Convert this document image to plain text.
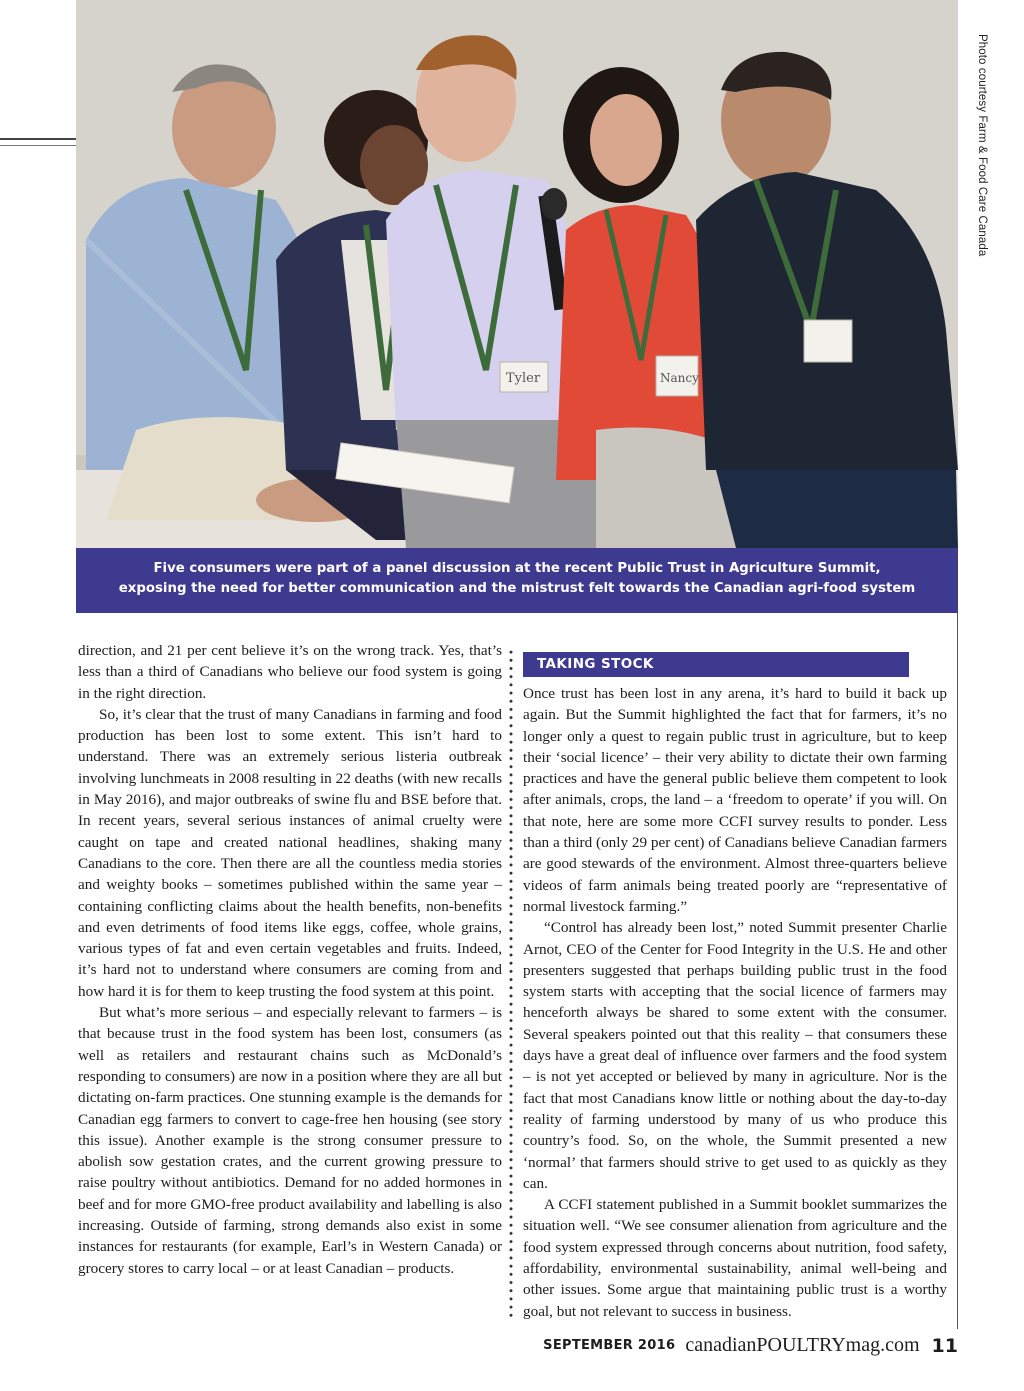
Tyler	Nancy
Photo courtesy Farm & Food Care Canada

Five consumers were part of a panel discussion at the recent Public Trust in Agriculture Summit,

exposing the need for better communication and the mistrust felt towards the Canadian agri-food system

direction, and 21 per cent believe it’s on the wrong track. Yes, that’s less than a third of Canadians who believe our food system is going in the right direction.

So, it’s clear that the trust of many Canadians in farming and food production has been lost to some extent. This isn’t hard to understand. There was an extremely serious listeria outbreak involving lunchmeats in 2008 resulting in 22 deaths (with new recalls in May 2016), and major outbreaks of swine flu and BSE before that. In recent years, several serious instances of animal cruelty were caught on tape and created national headlines, shaking many Canadians to the core. Then there are all the countless media stories and weighty books – sometimes published within the same year – containing conflicting claims about the health benefits, non-benefits and even detriments of food items like eggs, coffee, whole grains, various types of fat and even certain vegetables and fruits. Indeed, it’s hard not to understand where consumers are coming from and how hard it is for them to keep trusting the food system at this point.

But what’s more serious – and especially relevant to farmers – is that because trust in the food system has been lost, consumers (as well as retailers and restaurant chains such as McDonald’s responding to consumers) are now in a position where they are all but dictating on-farm practices. One stunning example is the demands for Canadian egg farmers to convert to cage-free hen housing (see story this issue). Another example is the strong consumer pressure to abolish sow gestation crates, and the current growing pressure to raise poultry without antibiotics. Demand for no added hormones in beef and for more GMO-free product availability and labelling is also increasing. Outside of farming, strong demands also exist in some instances for restaurants (for example, Earl’s in Western Canada) or grocery stores to carry local – or at least Canadian – products.

TAKING STOCK

Once trust has been lost in any arena, it’s hard to build it back up again. But the Summit highlighted the fact that for farmers, it’s no longer only a quest to regain public trust in agriculture, but to keep their ‘social licence’ – their very ability to dictate their own farming practices and have the general public believe them competent to look after animals, crops, the land – a ‘freedom to operate’ if you will. On that note, here are some more CCFI survey results to ponder. Less than a third (only 29 per cent) of Canadians believe Canadian farmers are good stewards of the environment. Almost three-quarters believe videos of farm animals being treated poorly are “representative of normal livestock farming.”

“Control has already been lost,” noted Summit presenter Charlie Arnot, CEO of the Center for Food Integrity in the U.S. He and other presenters suggested that perhaps building public trust in the food system starts with accepting that the social licence of farmers may henceforth always be shared to some extent with the consumer. Several speakers pointed out that this reality – that consumers these days have a great deal of influence over farmers and the food system – is not yet accepted or believed by many in agriculture. Nor is the fact that most Canadians know little or nothing about the day-to-day reality of farming understood by many of us who produce this country’s food. So, on the whole, the Summit presented a new ‘normal’ that farmers should strive to get used to as quickly as they can.

A CCFI statement published in a Summit booklet summarizes the situation well. “We see consumer alienation from agriculture and the food system expressed through concerns about nutrition, food safety, affordability, environmental sustainability, animal well-being and other issues. Some argue that maintaining public trust is a worthy goal, but not relevant to success in business.

SEPTEMBER 2016 canadianPOULTRYmag.com 11
